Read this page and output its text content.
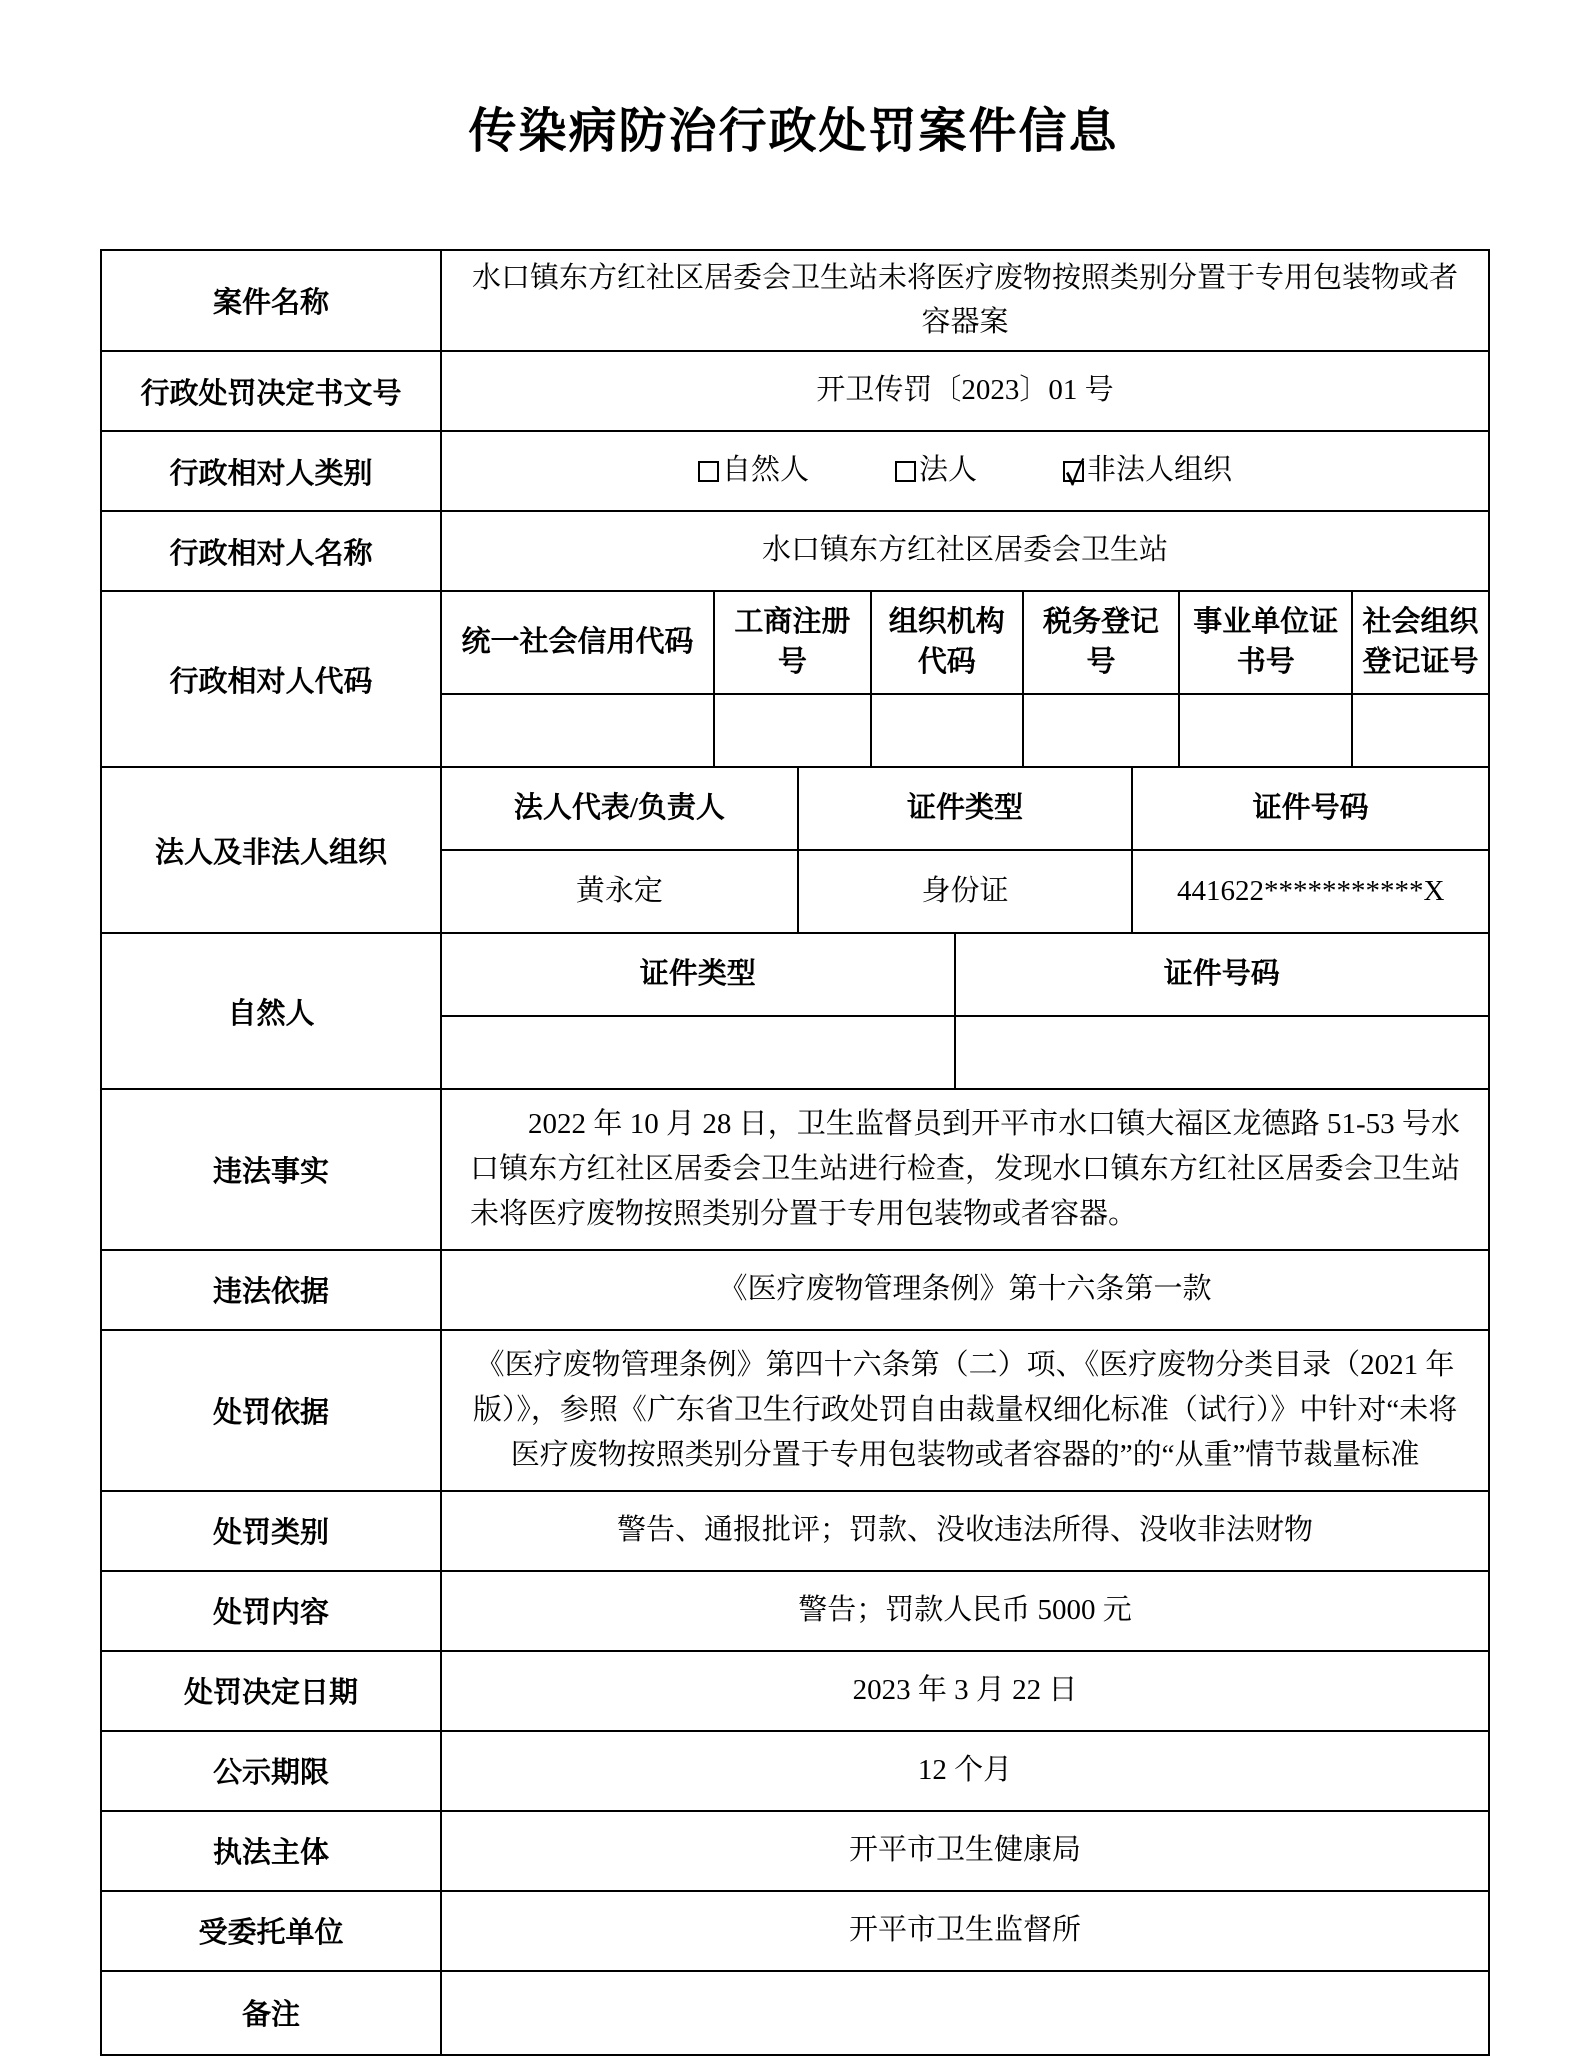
传染病防治行政处罚案件信息
案件名称	水口镇东方红社区居委会卫生站未将医疗废物按照类别分置于专用包装物或者容器案
行政处罚决定书文号	开卫传罚〔2023〕01 号
行政相对人类别	自然人	法人 ✓	非法人组织

行政相对人名称	水口镇东方红社区居委会卫生站
行政相对人代码	
统一社会信用代码	工商注册号	组织机构代码	税务登记号	事业单位证书号	社会组织登记证号

法人及非法人组织	
法人代表/负责人	证件类型	证件号码
黄永定	身份证	441622***********X

自然人	
证件类型	证件号码

违法事实	2022 年 10 月 28 日，卫生监督员到开平市水口镇大福区龙德路 51-53 号水口镇东方红社区居委会卫生站进行检查，发现水口镇东方红社区居委会卫生站未将医疗废物按照类别分置于专用包装物或者容器。
违法依据	《医疗废物管理条例》第十六条第一款
处罚依据	《医疗废物管理条例》第四十六条第（二）项、《医疗废物分类目录（2021 年版）》，参照《广东省卫生行政处罚自由裁量权细化标准（试行）》中针对“未将医疗废物按照类别分置于专用包装物或者容器的”的“从重”情节裁量标准
处罚类别	警告、通报批评；罚款、没收违法所得、没收非法财物
处罚内容	警告；罚款人民币 5000 元
处罚决定日期	2023 年 3 月 22 日
公示期限	12 个月
执法主体	开平市卫生健康局
受委托单位	开平市卫生监督所
备注	
